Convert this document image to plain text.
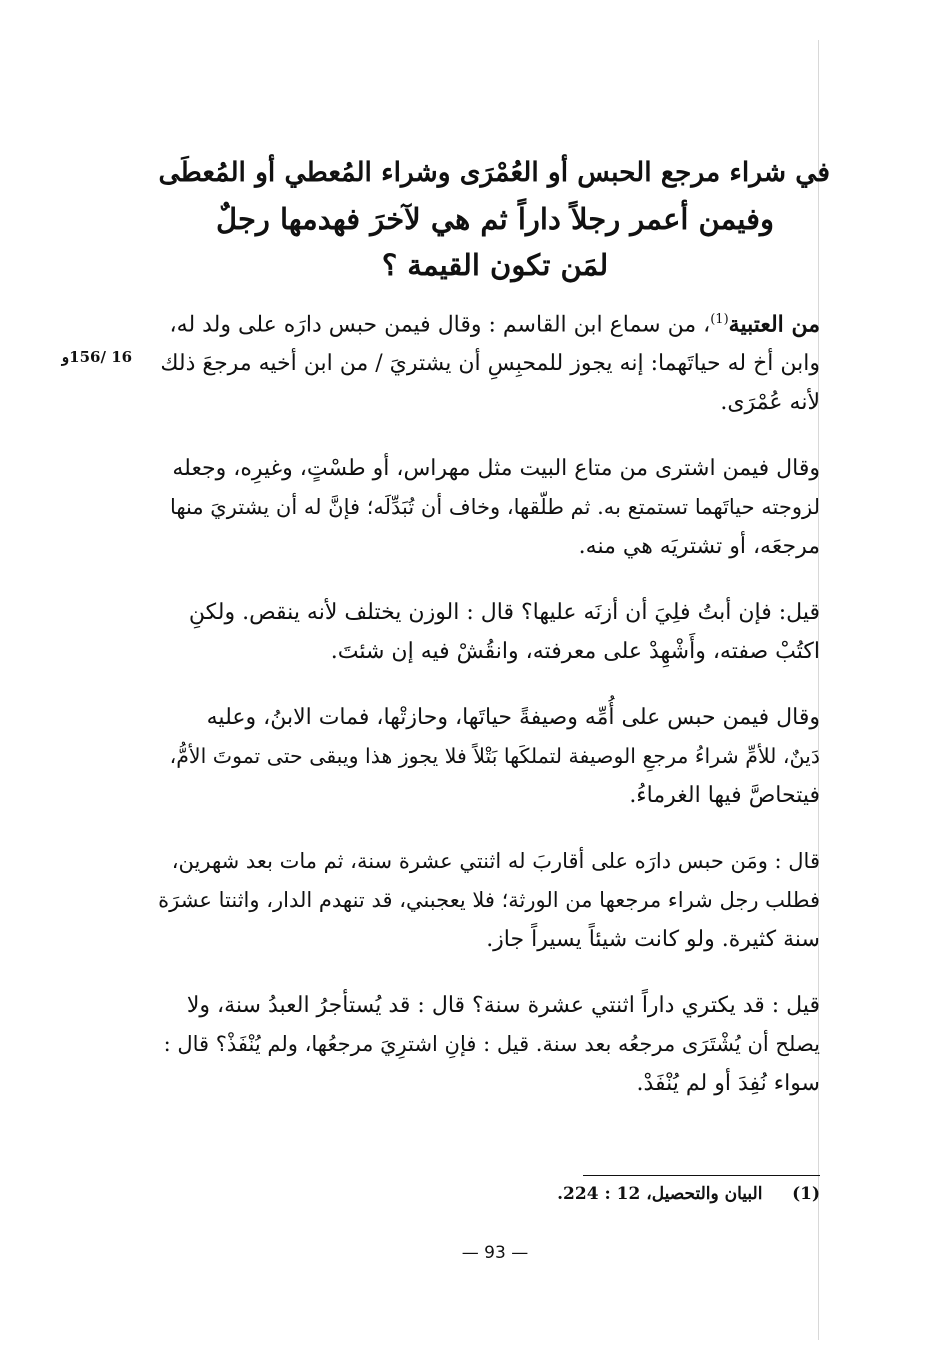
في شراء مرجع الحبس أو العُمْرَى وشراء المُعطي أو المُعطَى
وفيمن أعمر رجلاً داراً ثم هي لآخرَ فهدمها رجلٌ
لمَن تكون القيمة ؟
16 /156و
من العتبية$^{(1)}$، من سماع ابن القاسم : وقال فيمن حبس دارَه على ولد له،
وابن أخ له حياتَهما: إنه يجوز للمحبِسِ أن يشتريَ / من ابن أخيه مرجعَ ذلك
لأنه عُمْرَى.
وقال فيمن اشترى من متاع البيت مثل مهراس، أو طسْتٍ، وغيرِه، وجعله
لزوجته حياتَهما تستمتع به. ثم طلّقها، وخاف أن تُبَدِّلَه؛ فإنَّ له أن يشتريَ منها
مرجعَه، أو تشتريَه هي منه.
قيل: فإن أبتُ فلِيَ أن أزنَه عليها؟ قال : الوزن يختلف لأنه ينقص. ولكنِ
اكتُبْ صفته، وأَشْهِدْ على معرفته، وانقُشْ فيه إن شئتَ.
وقال فيمن حبس على أُمِّه وصيفةً حياتَها، وحازتْها، فمات الابنُ، وعليه
دَينٌ، للأمِّ شراءُ مرجعِ الوصيفة لتملكَها بَتْلاً فلا يجوز هذا ويبقى حتى تموتَ الأمُّ،
فيتحاصَّ فيها الغرماءُ.
قال : ومَن حبس دارَه على أقاربَ له اثنتي عشرة سنة، ثم مات بعد شهرين،
فطلب رجل شراء مرجعها من الورثة؛ فلا يعجبني، قد تنهدم الدار، واثنتا عشرَة
سنة كثيرة. ولو كانت شيئاً يسيراً جاز.
قيل : قد يكتري داراً اثنتي عشرة سنة؟ قال : قد يُستأجرُ العبدُ سنة، ولا
يصلح أن يُشْتَرَى مرجعُه بعد سنة. قيل : فإنِ اشترِيَ مرجعُها، ولم يُنْفَذْ؟ قال :
سواء نُفِدَ أو لم يُنْفَدْ.
(1)     البيان والتحصيل، 12 : 224.
— 93 —
